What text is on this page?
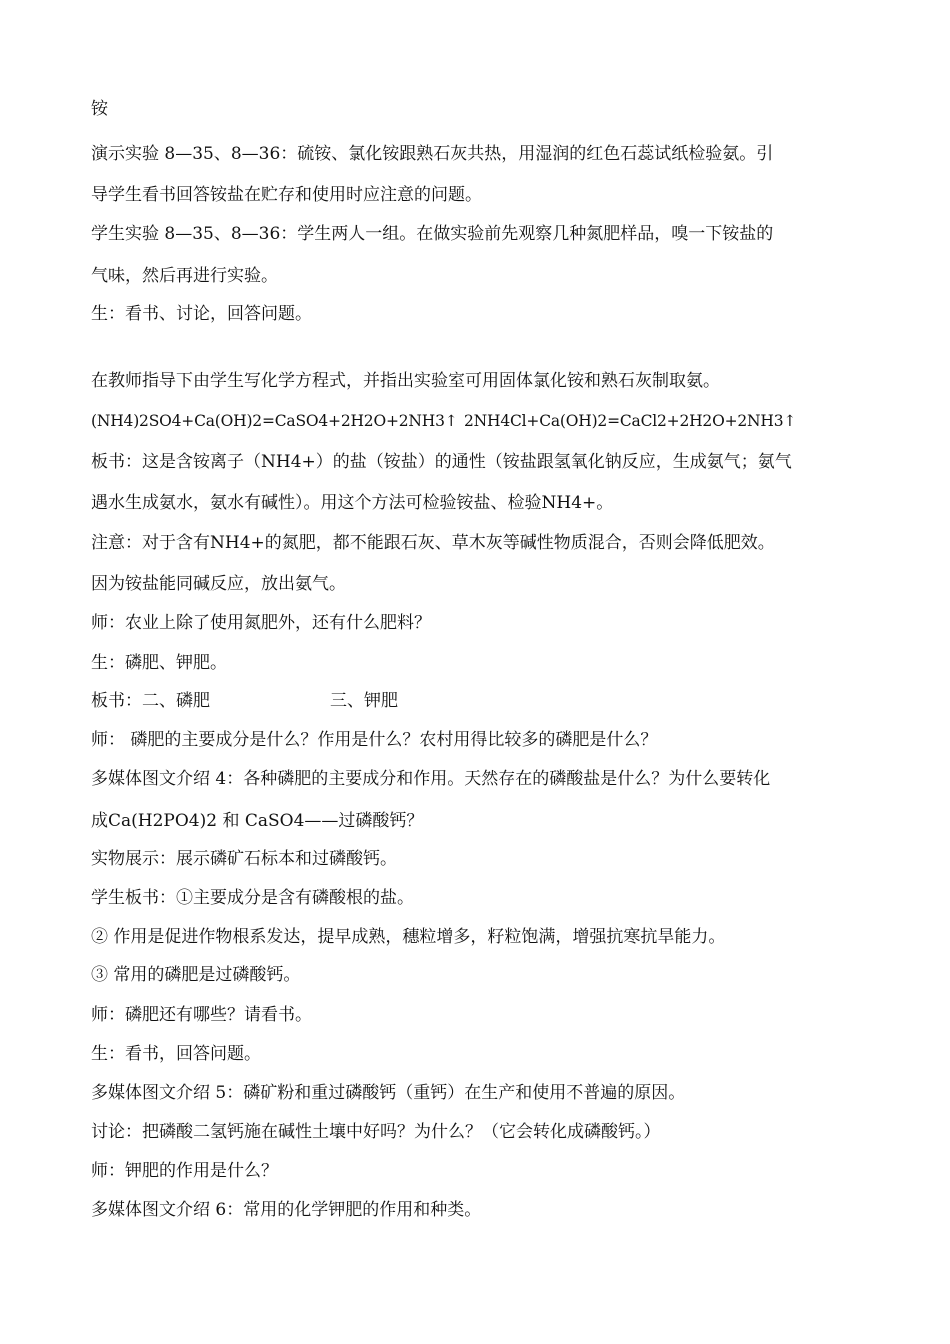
铵
演示实验 8—35、8—36：硫铵、氯化铵跟熟石灰共热，用湿润的红色石蕊试纸检验氨。引
导学生看书回答铵盐在贮存和使用时应注意的问题。
学生实验 8—35、8—36：学生两人一组。在做实验前先观察几种氮肥样品，嗅一下铵盐的
气味，然后再进行实验。
生：看书、讨论，回答问题。
在教师指导下由学生写化学方程式，并指出实验室可用固体氯化铵和熟石灰制取氨。
(NH4)2SO4+Ca(OH)2=CaSO4+2H2O+2NH3↑ 2NH4Cl+Ca(OH)2=CaCl2+2H2O+2NH3↑
板书：这是含铵离子（NH4+）的盐（铵盐）的通性（铵盐跟氢氧化钠反应，生成氨气；氨气
遇水生成氨水，氨水有碱性）。用这个方法可检验铵盐、检验NH4+。
注意：对于含有NH4+的氮肥，都不能跟石灰、草木灰等碱性物质混合，否则会降低肥效。
因为铵盐能同碱反应，放出氨气。
师：农业上除了使用氮肥外，还有什么肥料？
生：磷肥、钾肥。
板书：二、磷肥	三、钾肥
师： 磷肥的主要成分是什么？作用是什么？农村用得比较多的磷肥是什么？
多媒体图文介绍 4：各种磷肥的主要成分和作用。天然存在的磷酸盐是什么？为什么要转化
成Ca(H2PO4)2 和 CaSO4——过磷酸钙？
实物展示：展示磷矿石标本和过磷酸钙。
学生板书：①主要成分是含有磷酸根的盐。
② 作用是促进作物根系发达，提早成熟，穗粒增多，籽粒饱满，增强抗寒抗旱能力。
③ 常用的磷肥是过磷酸钙。
师：磷肥还有哪些？请看书。
生：看书，回答问题。
多媒体图文介绍 5：磷矿粉和重过磷酸钙（重钙）在生产和使用不普遍的原因。
讨论：把磷酸二氢钙施在碱性土壤中好吗？为什么？（它会转化成磷酸钙。）
师：钾肥的作用是什么？
多媒体图文介绍 6：常用的化学钾肥的作用和种类。
